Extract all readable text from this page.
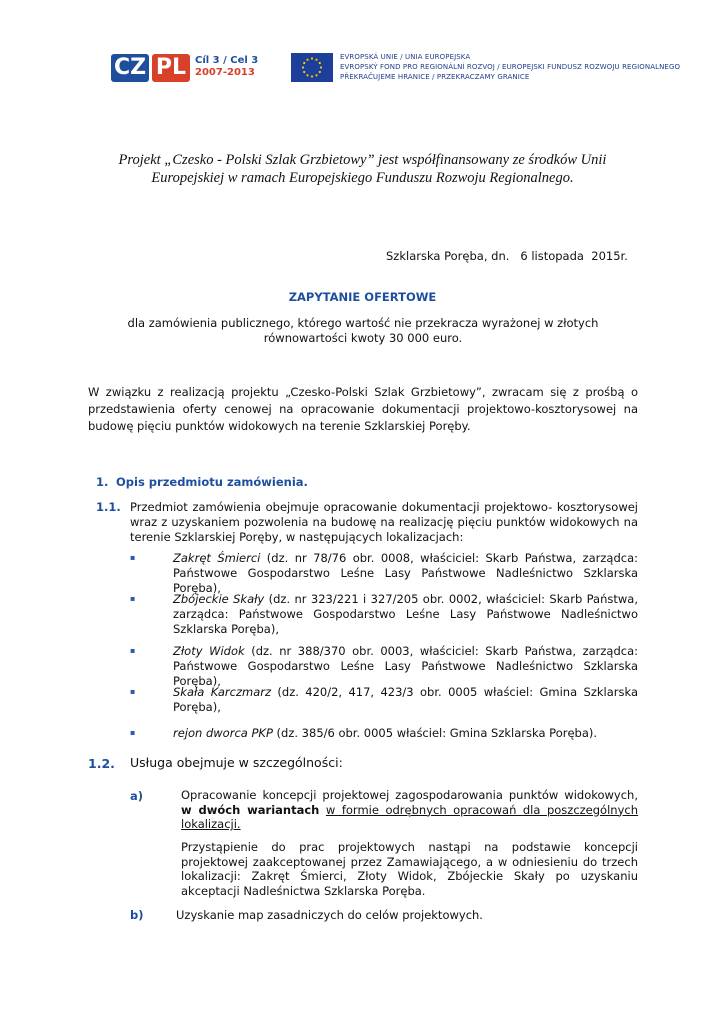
CZ PL Cíl 3 / Cel 3
2007-2013
EVROPSKÁ UNIE / UNIA EUROPEJSKA
EVROPSKÝ FOND PRO REGIONÁLNÍ ROZVOJ / EUROPEJSKI FUNDUSZ ROZWOJU REGIONALNEGO
PŘEKRAČUJEME HRANICE / PRZEKRACZAMY GRANICE
Projekt „Czesko - Polski Szlak Grzbietowy” jest współfinansowany ze środków Unii Europejskiej w ramach Europejskiego Funduszu Rozwoju Regionalnego.
Szklarska Poręba, dn.   6 listopada  2015r.
ZAPYTANIE OFERTOWE
dla zamówienia publicznego, którego wartość nie przekracza wyrażonej w złotych równowartości kwoty 30 000 euro.
W związku z realizacją projektu „Czesko-Polski Szlak Grzbietowy”, zwracam się z prośbą o przedstawienia oferty cenowej na opracowanie dokumentacji projektowo-kosztorysowej na budowę pięciu punktów widokowych na terenie Szklarskiej Poręby.
1. Opis przedmiotu zamówienia.
1.1. Przedmiot zamówienia obejmuje opracowanie dokumentacji projektowo- kosztorysowej wraz z uzyskaniem pozwolenia na budowę na realizację pięciu punktów widokowych na terenie Szklarskiej Poręby, w następujących lokalizacjach:
▪	Zakręt Śmierci (dz. nr 78/76 obr. 0008, właściciel: Skarb Państwa, zarządca: Państwowe Gospodarstwo Leśne Lasy Państwowe Nadleśnictwo Szklarska Poręba),
▪	Zbójeckie Skały (dz. nr 323/221 i 327/205 obr. 0002, właściciel: Skarb Państwa, zarządca: Państwowe Gospodarstwo Leśne Lasy Państwowe Nadleśnictwo Szklarska Poręba),
▪	Złoty Widok (dz. nr 388/370 obr. 0003, właściciel: Skarb Państwa, zarządca: Państwowe Gospodarstwo Leśne Lasy Państwowe Nadleśnictwo Szklarska Poręba),
▪	Skała Karczmarz (dz. 420/2, 417, 423/3 obr. 0005 właściel: Gmina Szklarska Poręba),
▪	rejon dworca PKP (dz. 385/6 obr. 0005 właściel: Gmina Szklarska Poręba).
1.2. Usługa obejmuje w szczególności:
a)	Opracowanie koncepcji projektowej zagospodarowania punktów widokowych, w dwóch wariantach w formie odrębnych opracowań dla poszczególnych lokalizacji.
Przystąpienie do prac projektowych nastąpi na podstawie koncepcji projektowej zaakceptowanej przez Zamawiającego, a w odniesieniu do trzech lokalizacji: Zakręt Śmierci, Złoty Widok, Zbójeckie Skały po uzyskaniu akceptacji Nadleśnictwa Szklarska Poręba.
b)	Uzyskanie map zasadniczych do celów projektowych.
